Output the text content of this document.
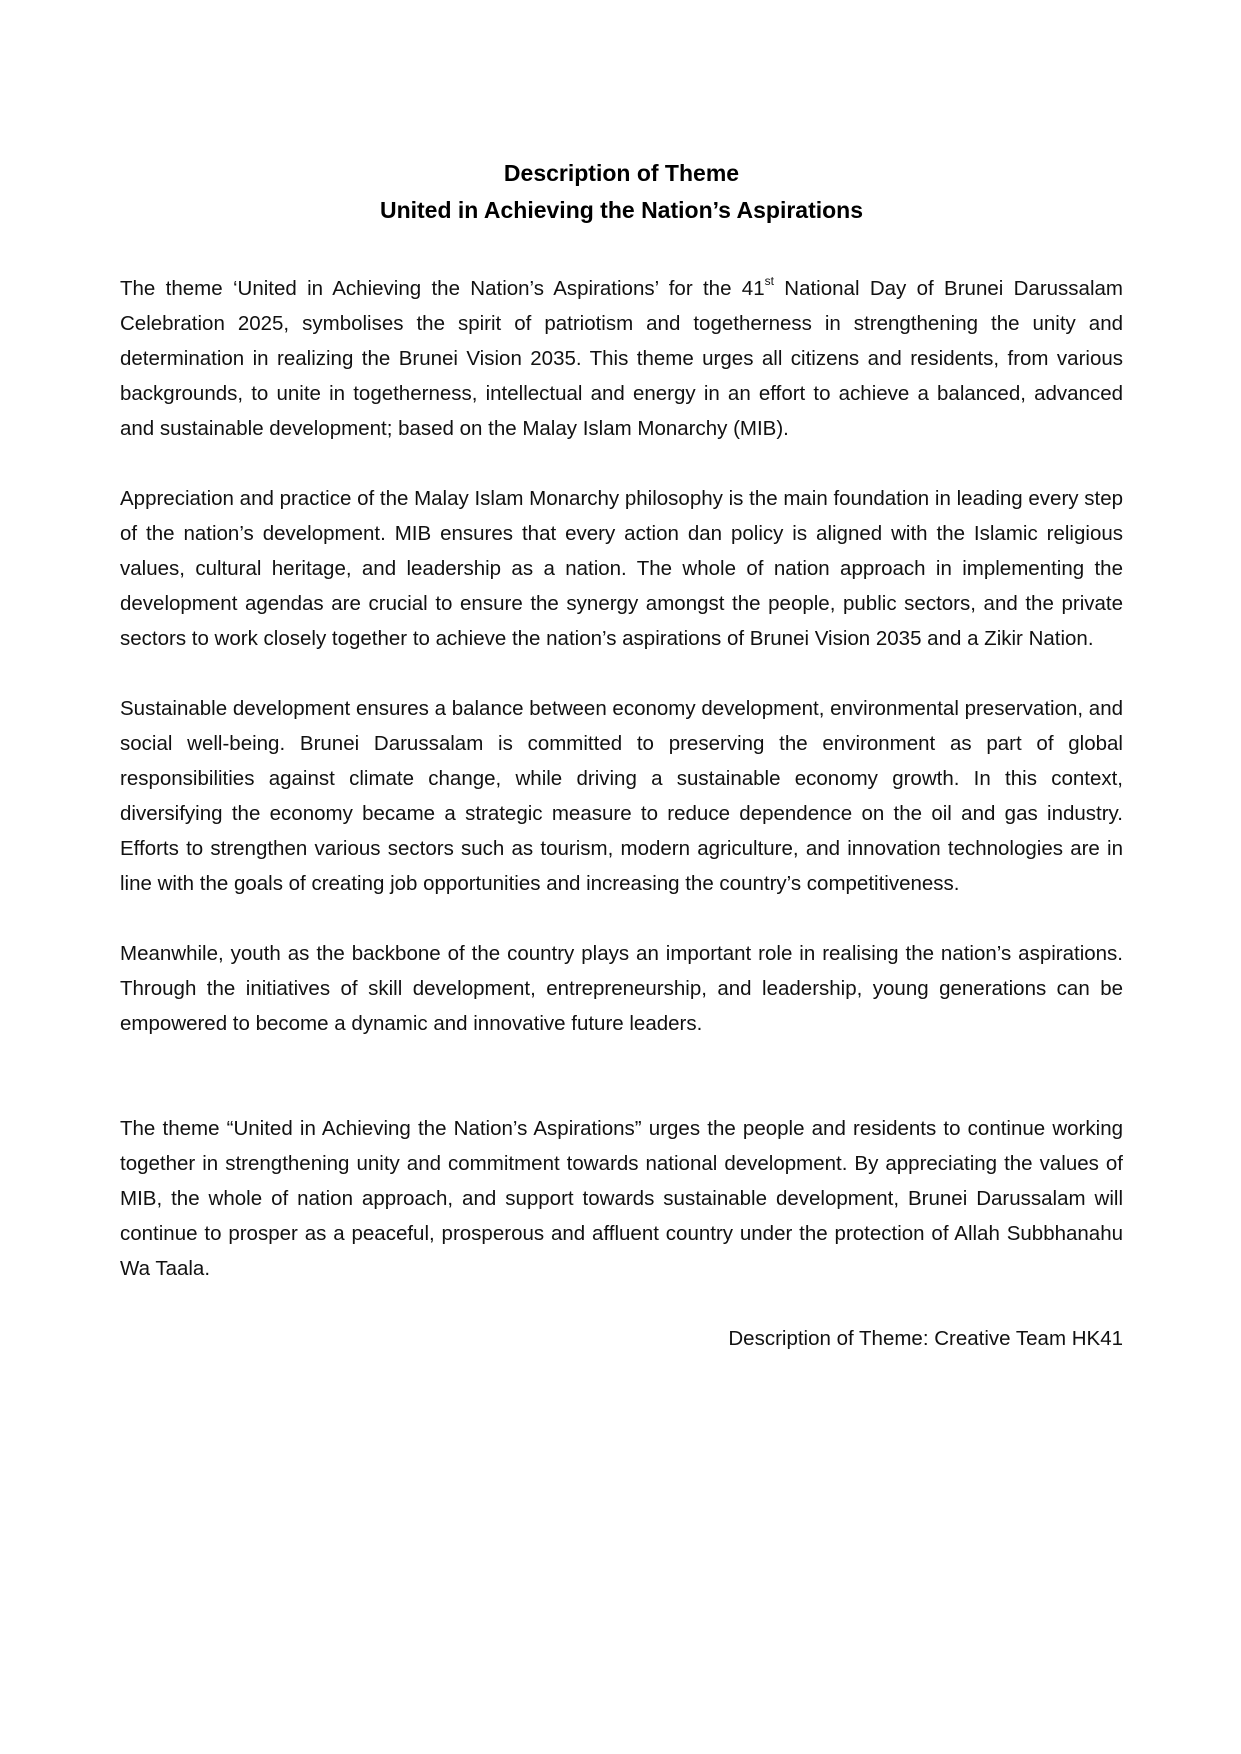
Description of Theme
United in Achieving the Nation’s Aspirations

The theme ‘United in Achieving the Nation’s Aspirations’ for the 41st National Day of Brunei Darussalam Celebration 2025, symbolises the spirit of patriotism and togetherness in strengthening the unity and determination in realizing the Brunei Vision 2035. This theme urges all citizens and residents, from various backgrounds, to unite in togetherness, intellectual and energy in an effort to achieve a balanced, advanced and sustainable development; based on the Malay Islam Monarchy (MIB).

Appreciation and practice of the Malay Islam Monarchy philosophy is the main foundation in leading every step of the nation’s development. MIB ensures that every action dan policy is aligned with the Islamic religious values, cultural heritage, and leadership as a nation. The whole of nation approach in implementing the development agendas are crucial to ensure the synergy amongst the people, public sectors, and the private sectors to work closely together to achieve the nation’s aspirations of Brunei Vision 2035 and a Zikir Nation.

Sustainable development ensures a balance between economy development, environmental preservation, and social well-being. Brunei Darussalam is committed to preserving the environment as part of global responsibilities against climate change, while driving a sustainable economy growth. In this context, diversifying the economy became a strategic measure to reduce dependence on the oil and gas industry. Efforts to strengthen various sectors such as tourism, modern agriculture, and innovation technologies are in line with the goals of creating job opportunities and increasing the country’s competitiveness.

Meanwhile, youth as the backbone of the country plays an important role in realising the nation’s aspirations. Through the initiatives of skill development, entrepreneurship, and leadership, young generations can be empowered to become a dynamic and innovative future leaders.

The theme “United in Achieving the Nation’s Aspirations” urges the people and residents to continue working together in strengthening unity and commitment towards national development. By appreciating the values of MIB, the whole of nation approach, and support towards sustainable development, Brunei Darussalam will continue to prosper as a peaceful, prosperous and affluent country under the protection of Allah Subbhanahu Wa Taala.

Description of Theme: Creative Team HK41
